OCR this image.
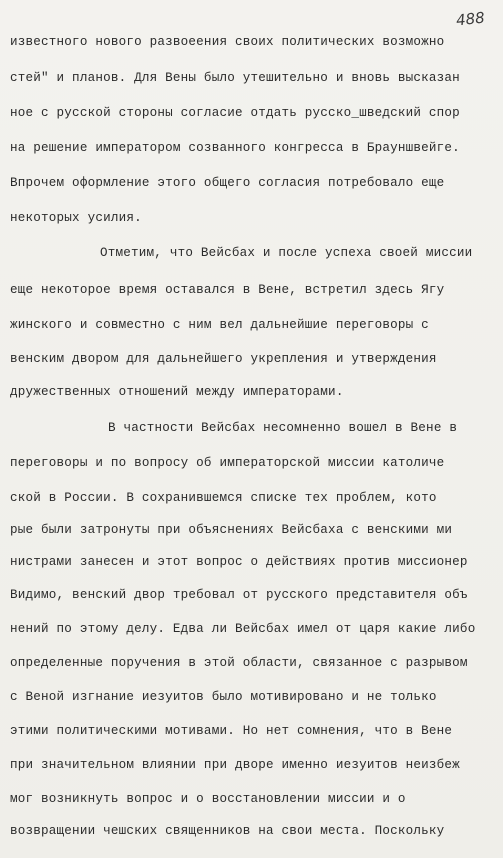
488
известного нового развоеения своих политических возможно
стей" и планов. Для Вены было утешительно и вновь высказан
ное с русской стороны согласие отдать русско_шведский спор
на решение императором созванного конгресса в Брауншвейге.
Впрочем оформление этого общего согласия потребовало еще
некоторых усилия.
Отметим, что Вейсбах и после успеха своей миссии
еще некоторое время оставался в Вене, встретил здесь Ягу
жинского и совместно с ним вел дальнейшие переговоры с
венским двором для дальнейшего укрепления и утверждения
дружественных отношений между императорами.
В частности Вейсбах несомненно вошел в Вене в
переговоры и по вопросу об императорской миссии католиче
ской в России. В сохранившемся списке тех проблем, кото
рые были затронуты при объяснениях Вейсбаха с венскими ми
нистрами занесен и этот вопрос о действиях против миссионер
Видимо, венский двор требовал от русского представителя объ
нений по этому делу. Едва ли Вейсбах имел от царя какие либо
определенные поручения в этой области, связанное с разрывом
с Веной изгнание иезуитов было мотивировано и не только
этими политическими мотивами. Но нет сомнения, что в Вене
при значительном влиянии при дворе именно иезуитов неизбеж
мог возникнуть вопрос и о восстановлении миссии и о
возвращении чешских священников на свои места. Поскольку
